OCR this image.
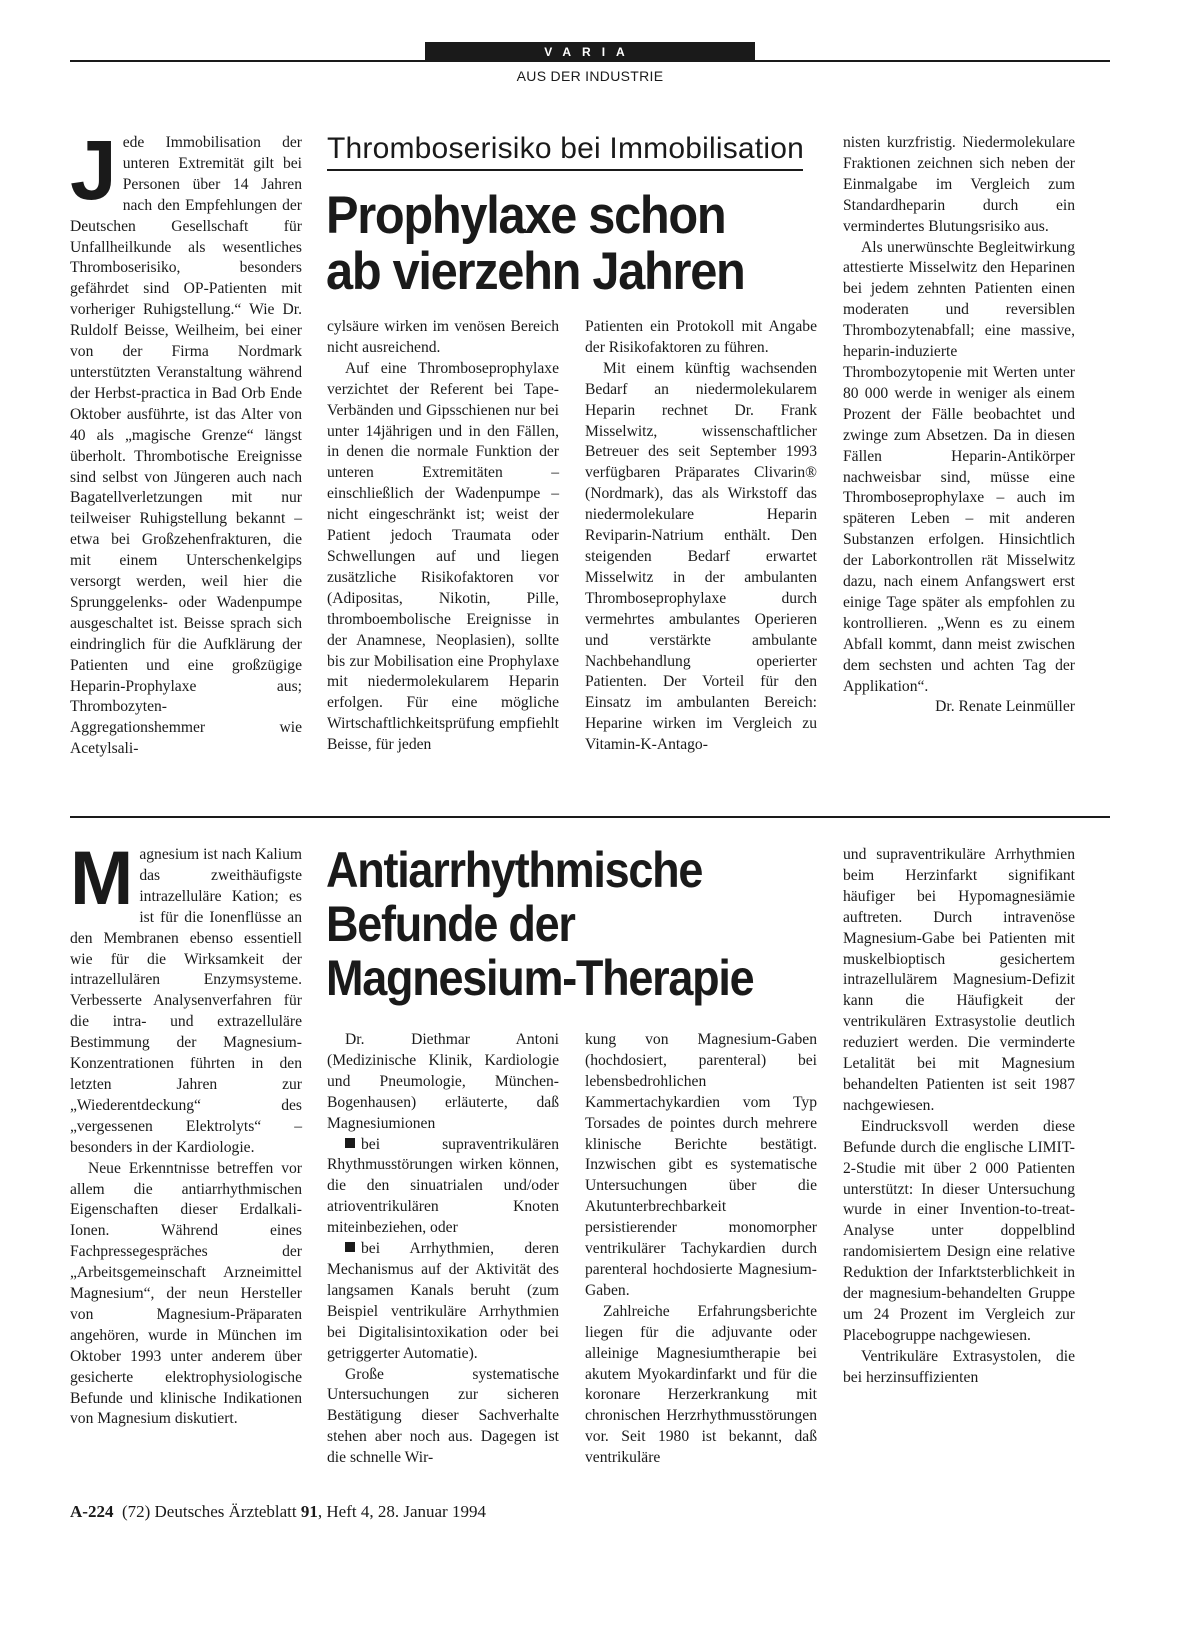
VARIA
AUS DER INDUSTRIE

Jede Immobilisation der unteren Extremität gilt bei Personen über 14 Jahren nach den Empfehlungen der Deutschen Gesellschaft für Unfallheilkunde als wesentliches Thromboserisiko, besonders gefährdet sind OP-Patienten mit vorheriger Ruhigstellung.“ Wie Dr. Ruldolf Beisse, Weilheim, bei einer von der Firma Nordmark unterstützten Veranstaltung während der Herbst-practica in Bad Orb Ende Oktober ausführte, ist das Alter von 40 als „magische Grenze“ längst überholt. Thrombotische Ereignisse sind selbst von Jüngeren auch nach Bagatellverletzungen mit nur teilweiser Ruhigstellung bekannt – etwa bei Großzehenfrakturen, die mit einem Unterschenkelgips versorgt werden, weil hier die Sprunggelenks- oder Wadenpumpe ausgeschaltet ist. Beisse sprach sich eindringlich für die Aufklärung der Patienten und eine großzügige Heparin-Prophylaxe aus; Thrombozyten-Aggregationshemmer wie Acetylsali-

Thromboserisiko bei Immobilisation
Prophylaxe schon
ab vierzehn Jahren

cylsäure wirken im venösen Bereich nicht ausreichend.

Auf eine Thromboseprophylaxe verzichtet der Referent bei Tape-Verbänden und Gipsschienen nur bei unter 14jährigen und in den Fällen, in denen die normale Funktion der unteren Extremitäten – einschließlich der Wadenpumpe – nicht eingeschränkt ist; weist der Patient jedoch Traumata oder Schwellungen auf und liegen zusätzliche Risikofaktoren vor (Adipositas, Nikotin, Pille, thromboembolische Ereignisse in der Anamnese, Neoplasien), sollte bis zur Mobilisation eine Prophylaxe mit niedermolekularem Heparin erfolgen. Für eine mögliche Wirtschaftlichkeitsprüfung empfiehlt Beisse, für jeden

Patienten ein Protokoll mit Angabe der Risikofaktoren zu führen.

Mit einem künftig wachsenden Bedarf an niedermolekularem Heparin rechnet Dr. Frank Misselwitz, wissenschaftlicher Betreuer des seit September 1993 verfügbaren Präparates Clivarin® (Nordmark), das als Wirkstoff das niedermolekulare Heparin Reviparin-Natrium enthält. Den steigenden Bedarf erwartet Misselwitz in der ambulanten Thromboseprophylaxe durch vermehrtes ambulantes Operieren und verstärkte ambulante Nachbehandlung operierter Patienten. Der Vorteil für den Einsatz im ambulanten Bereich: Heparine wirken im Vergleich zu Vitamin-K-Antago-

nisten kurzfristig. Niedermolekulare Fraktionen zeichnen sich neben der Einmalgabe im Vergleich zum Standardheparin durch ein vermindertes Blutungsrisiko aus.

Als unerwünschte Begleitwirkung attestierte Misselwitz den Heparinen bei jedem zehnten Patienten einen moderaten und reversiblen Thrombozytenabfall; eine massive, heparin-induzierte Thrombozytopenie mit Werten unter 80 000 werde in weniger als einem Prozent der Fälle beobachtet und zwinge zum Absetzen. Da in diesen Fällen Heparin-Antikörper nachweisbar sind, müsse eine Thromboseprophylaxe – auch im späteren Leben – mit anderen Substanzen erfolgen. Hinsichtlich der Laborkontrollen rät Misselwitz dazu, nach einem Anfangswert erst einige Tage später als empfohlen zu kontrollieren. „Wenn es zu einem Abfall kommt, dann meist zwischen dem sechsten und achten Tag der Applikation“.

Dr. Renate Leinmüller

Magnesium ist nach Kalium das zweithäufigste intrazelluläre Kation; es ist für die Ionenflüsse an den Membranen ebenso essentiell wie für die Wirksamkeit der intrazellulären Enzymsysteme. Verbesserte Analysenverfahren für die intra- und extrazelluläre Bestimmung der Magnesium-Konzentrationen führten in den letzten Jahren zur „Wiederentdeckung“ des „vergessenen Elektrolyts“ – besonders in der Kardiologie.

Neue Erkenntnisse betreffen vor allem die antiarrhythmischen Eigenschaften dieser Erdalkali-Ionen. Während eines Fachpressegespräches der „Arbeitsgemeinschaft Arzneimittel Magnesium“, der neun Hersteller von Magnesium-Präparaten angehören, wurde in München im Oktober 1993 unter anderem über gesicherte elektrophysiologische Befunde und klinische Indikationen von Magnesium diskutiert.

Antiarrhythmische
Befunde der
Magnesium-Therapie

Dr. Diethmar Antoni (Medizinische Klinik, Kardiologie und Pneumologie, München-Bogenhausen) erläuterte, daß Magnesiumionen

bei supraventrikulären Rhythmusstörungen wirken können, die den sinuatrialen und/oder atrioventrikulären Knoten miteinbeziehen, oder

bei Arrhythmien, deren Mechanismus auf der Aktivität des langsamen Kanals beruht (zum Beispiel ventrikuläre Arrhythmien bei Digitalisintoxikation oder bei getriggerter Automatie).

Große systematische Untersuchungen zur sicheren Bestätigung dieser Sachverhalte stehen aber noch aus. Dagegen ist die schnelle Wir-

kung von Magnesium-Gaben (hochdosiert, parenteral) bei lebensbedrohlichen Kammertachykardien vom Typ Torsades de pointes durch mehrere klinische Berichte bestätigt. Inzwischen gibt es systematische Untersuchungen über die Akutunterbrechbarkeit persistierender monomorpher ventrikulärer Tachykardien durch parenteral hochdosierte Magnesium-Gaben.

Zahlreiche Erfahrungsberichte liegen für die adjuvante oder alleinige Magnesiumtherapie bei akutem Myokardinfarkt und für die koronare Herzerkrankung mit chronischen Herzrhythmusstörungen vor. Seit 1980 ist bekannt, daß ventrikuläre

und supraventrikuläre Arrhythmien beim Herzinfarkt signifikant häufiger bei Hypomagnesiämie auftreten. Durch intravenöse Magnesium-Gabe bei Patienten mit muskelbioptisch gesichertem intrazellulärem Magnesium-Defizit kann die Häufigkeit der ventrikulären Extrasystolie deutlich reduziert werden. Die verminderte Letalität bei mit Magnesium behandelten Patienten ist seit 1987 nachgewiesen.

Eindrucksvoll werden diese Befunde durch die englische LIMIT-2-Studie mit über 2 000 Patienten unterstützt: In dieser Untersuchung wurde in einer Invention-to-treat-Analyse unter doppelblind randomisiertem Design eine relative Reduktion der Infarktsterblichkeit in der magnesium-behandelten Gruppe um 24 Prozent im Vergleich zur Placebogruppe nachgewiesen.

Ventrikuläre Extrasystolen, die bei herzinsuffizienten

A-224 (72) Deutsches Ärzteblatt 91, Heft 4, 28. Januar 1994
